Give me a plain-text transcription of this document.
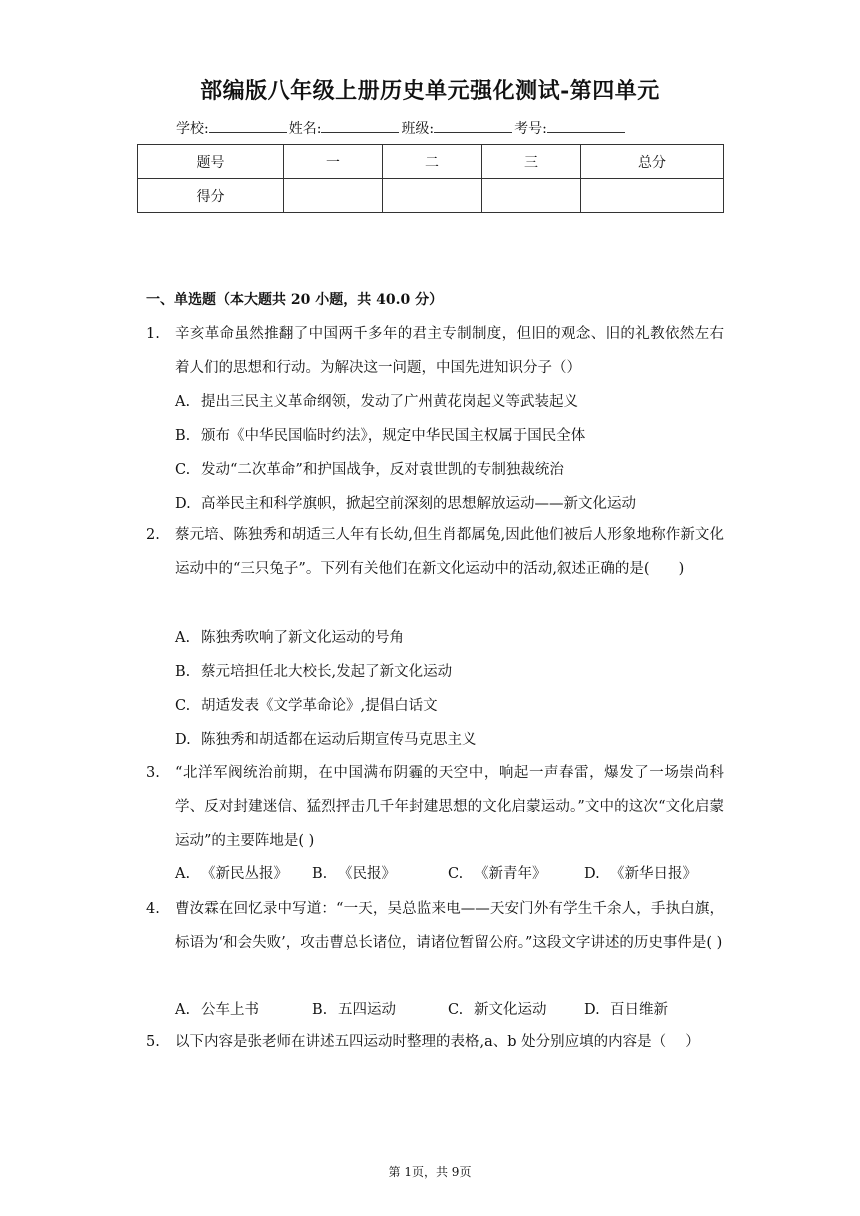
部编版八年级上册历史单元强化测试-第四单元
学校:	姓名:	班级:	考号:
题号	一	二	三	总分
得分				
一、单选题（本大题共 20 小题，共 40.0 分）
1. 辛亥革命虽然推翻了中国两千多年的君主专制制度，但旧的观念、旧的礼教依然左右着人们的思想和行动。为解决这一问题，中国先进知识分子（）
A. 提出三民主义革命纲领，发动了广州黄花岗起义等武装起义
B. 颁布《中华民国临时约法》，规定中华民国主权属于国民全体
C. 发动“二次革命”和护国战争，反对袁世凯的专制独裁统治
D. 高举民主和科学旗帜，掀起空前深刻的思想解放运动——新文化运动
2. 蔡元培、陈独秀和胡适三人年有长幼,但生肖都属兔,因此他们被后人形象地称作新文化运动中的“三只兔子”。下列有关他们在新文化运动中的活动,叙述正确的是(　　)
A. 陈独秀吹响了新文化运动的号角
B. 蔡元培担任北大校长,发起了新文化运动
C. 胡适发表《文学革命论》,提倡白话文
D. 陈独秀和胡适都在运动后期宣传马克思主义
3. “北洋军阀统治前期，在中国满布阴霾的天空中，响起一声春雷，爆发了一场崇尚科学、反对封建迷信、猛烈抨击几千年封建思想的文化启蒙运动。”文中的这次“文化启蒙运动”的主要阵地是( )
A. 《新民丛报》 B. 《民报》	C. 《新青年》	D. 《新华日报》
4. 曹汝霖在回忆录中写道：“一天，吴总监来电——天安门外有学生千余人，手执白旗，标语为‘和会失败’，攻击曹总长诸位，请诸位暂留公府。”这段文字讲述的历史事件是( )
A. 公车上书	B. 五四运动	C. 新文化运动	D. 百日维新
5. 以下内容是张老师在讲述五四运动时整理的表格,a、b 处分别应填的内容是（　 ）
第 1页，共 9页
